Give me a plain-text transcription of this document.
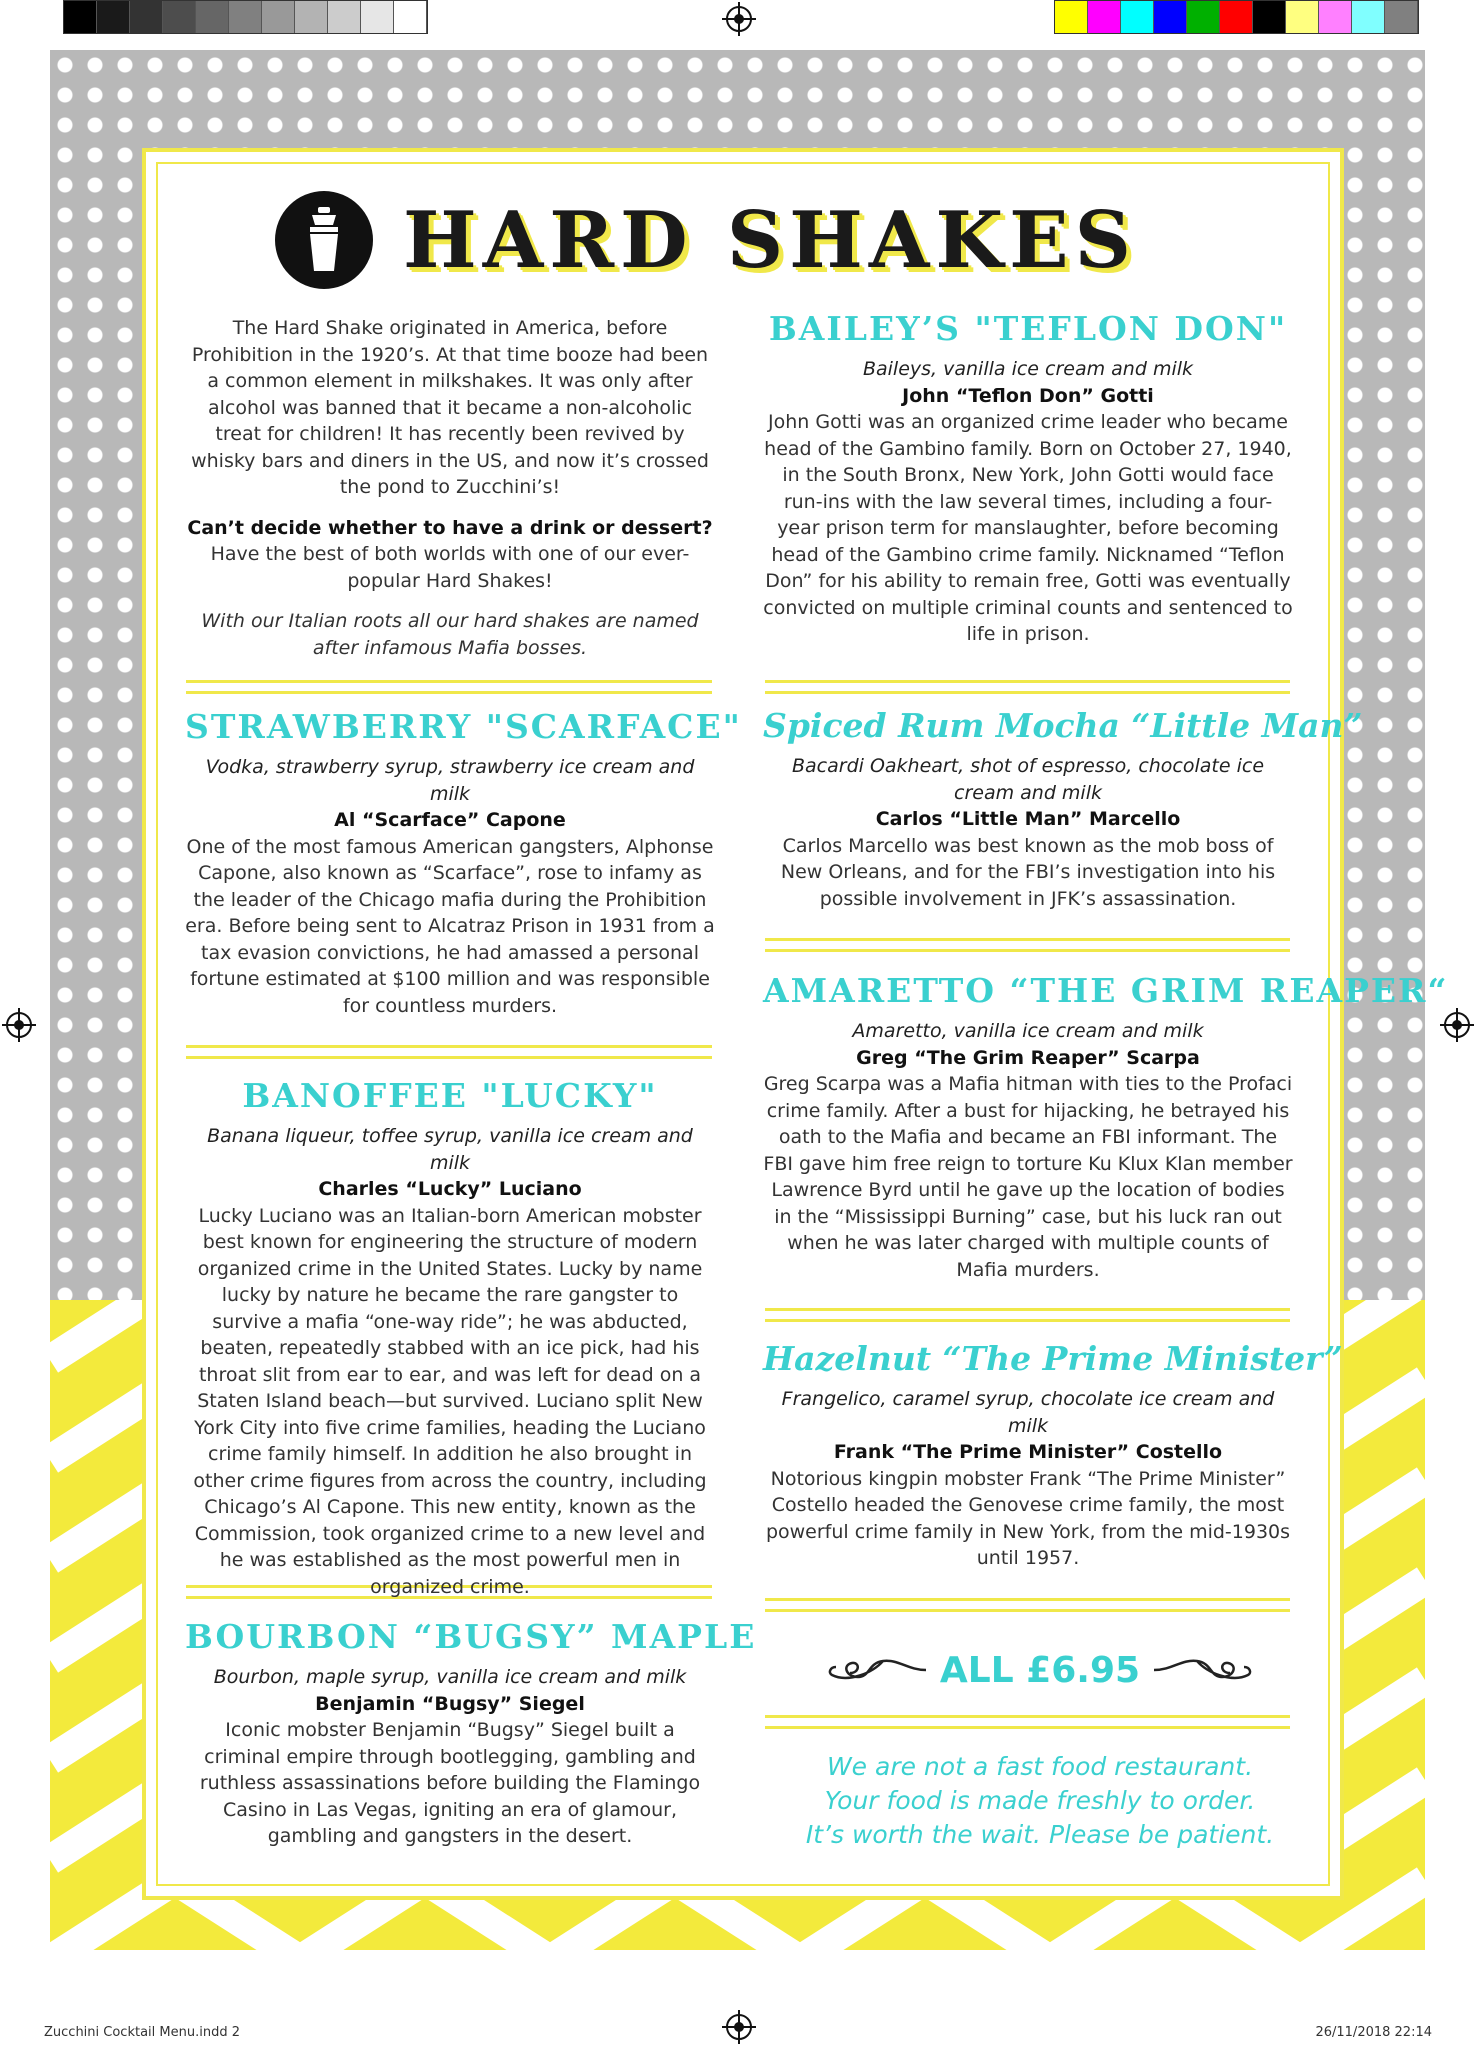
HARD SHAKES

The Hard Shake originated in America, before Prohibition in the 1920’s. At that time booze had been a common element in milkshakes. It was only after alcohol was banned that it became a non-alcoholic treat for children! It has recently been revived by whisky bars and diners in the US, and now it’s crossed the pond to Zucchini’s!

Can’t decide whether to have a drink or dessert?

Have the best of both worlds with one of our ever-popular Hard Shakes!

With our Italian roots all our hard shakes are named after infamous Mafia bosses.

STRAWBERRY "SCARFACE"
Vodka, strawberry syrup, strawberry ice cream and milk
Al “Scarface” Capone
One of the most famous American gangsters, Alphonse Capone, also known as “Scarface”, rose to infamy as the leader of the Chicago mafia during the Prohibition era. Before being sent to Alcatraz Prison in 1931 from a tax evasion convictions, he had amassed a personal fortune estimated at $100 million and was responsible for countless murders.
BANOFFEE "LUCKY"
Banana liqueur, toffee syrup, vanilla ice cream and milk
Charles “Lucky” Luciano
Lucky Luciano was an Italian-born American mobster best known for engineering the structure of modern organized crime in the United States. Lucky by name lucky by nature he became the rare gangster to survive a mafia “one-way ride”; he was abducted, beaten, repeatedly stabbed with an ice pick, had his throat slit from ear to ear, and was left for dead on a Staten Island beach—but survived. Luciano split New York City into five crime families, heading the Luciano crime family himself. In addition he also brought in other crime figures from across the country, including Chicago’s Al Capone. This new entity, known as the Commission, took organized crime to a new level and he was established as the most powerful men in organized crime.
BOURBON “BUGSY” MAPLE
Bourbon, maple syrup, vanilla ice cream and milk
Benjamin “Bugsy” Siegel
Iconic mobster Benjamin “Bugsy” Siegel built a criminal empire through bootlegging, gambling and ruthless assassinations before building the Flamingo Casino in Las Vegas, igniting an era of glamour, gambling and gangsters in the desert.
BAILEY’S "TEFLON DON"
Baileys, vanilla ice cream and milk
John “Teflon Don” Gotti
John Gotti was an organized crime leader who became head of the Gambino family. Born on October 27, 1940, in the South Bronx, New York, John Gotti would face run-ins with the law several times, including a four-year prison term for manslaughter, before becoming head of the Gambino crime family. Nicknamed “Teflon Don” for his ability to remain free, Gotti was eventually convicted on multiple criminal counts and sentenced to life in prison.
Spiced Rum Mocha “Little Man”
Bacardi Oakheart, shot of espresso, chocolate ice cream and milk
Carlos “Little Man” Marcello
Carlos Marcello was best known as the mob boss of New Orleans, and for the FBI’s investigation into his possible involvement in JFK’s assassination.
AMARETTO “THE GRIM REAPER“
Amaretto, vanilla ice cream and milk
Greg “The Grim Reaper” Scarpa
Greg Scarpa was a Mafia hitman with ties to the Profaci crime family. After a bust for hijacking, he betrayed his oath to the Mafia and became an FBI informant. The FBI gave him free reign to torture Ku Klux Klan member Lawrence Byrd until he gave up the location of bodies in the “Mississippi Burning” case, but his luck ran out when he was later charged with multiple counts of Mafia murders.
Hazelnut “The Prime Minister”
Frangelico, caramel syrup, chocolate ice cream and milk
Frank “The Prime Minister” Costello
Notorious kingpin mobster Frank “The Prime Minister” Costello headed the Genovese crime family, the most powerful crime family in New York, from the mid-1930s until 1957.
ALL £6.95
We are not a fast food restaurant.
Your food is made freshly to order.
It’s worth the wait. Please be patient.
Zucchini Cocktail Menu.indd 2	26/11/2018 22:14
